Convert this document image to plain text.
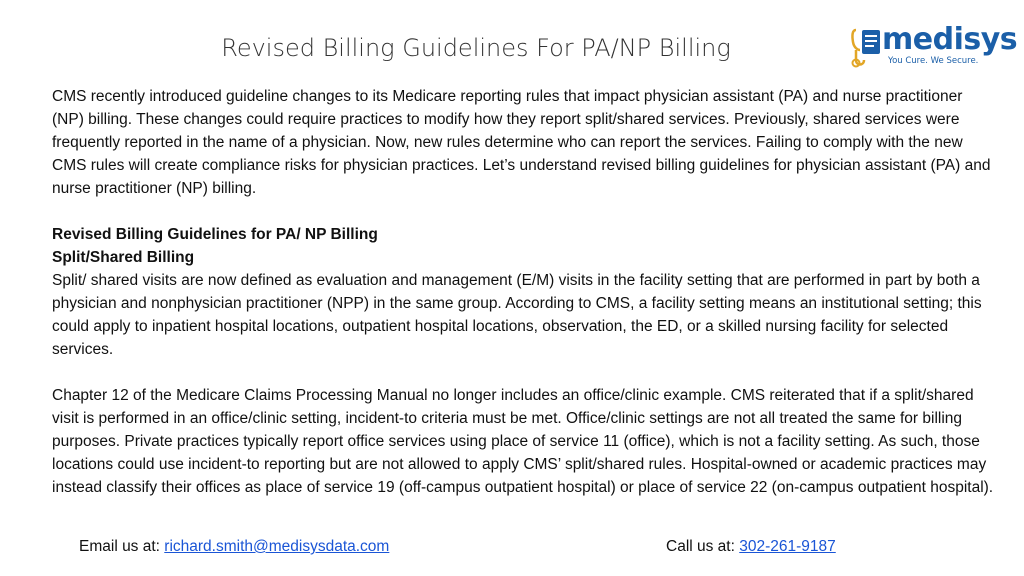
Revised Billing Guidelines For PA/NP Billing	medisys
You Cure. We Secure.

CMS recently introduced guideline changes to its Medicare reporting rules that impact physician assistant (PA) and nurse practitioner (NP) billing. These changes could require practices to modify how they report split/shared services. Previously, shared services were frequently reported in the name of a physician. Now, new rules determine who can report the services. Failing to comply with the new CMS rules will create compliance risks for physician practices. Let’s understand revised billing guidelines for physician assistant (PA) and nurse practitioner (NP) billing.

Revised Billing Guidelines for PA/ NP Billing

Split/Shared Billing

Split/ shared visits are now defined as evaluation and management (E/M) visits in the facility setting that are performed in part by both a physician and nonphysician practitioner (NPP) in the same group. According to CMS, a facility setting means an institutional setting; this could apply to inpatient hospital locations, outpatient hospital locations, observation, the ED, or a skilled nursing facility for selected services.

Chapter 12 of the Medicare Claims Processing Manual no longer includes an office/clinic example. CMS reiterated that if a split/shared visit is performed in an office/clinic setting, incident-to criteria must be met. Office/clinic settings are not all treated the same for billing purposes. Private practices typically report office services using place of service 11 (office), which is not a facility setting. As such, those locations could use incident-to reporting but are not allowed to apply CMS’ split/shared rules. Hospital-owned or academic practices may instead classify their offices as place of service 19 (off-campus outpatient hospital) or place of service 22 (on-campus outpatient hospital).

Email us at: richard.smith@medisysdata.com	Call us at: 302-261-9187
